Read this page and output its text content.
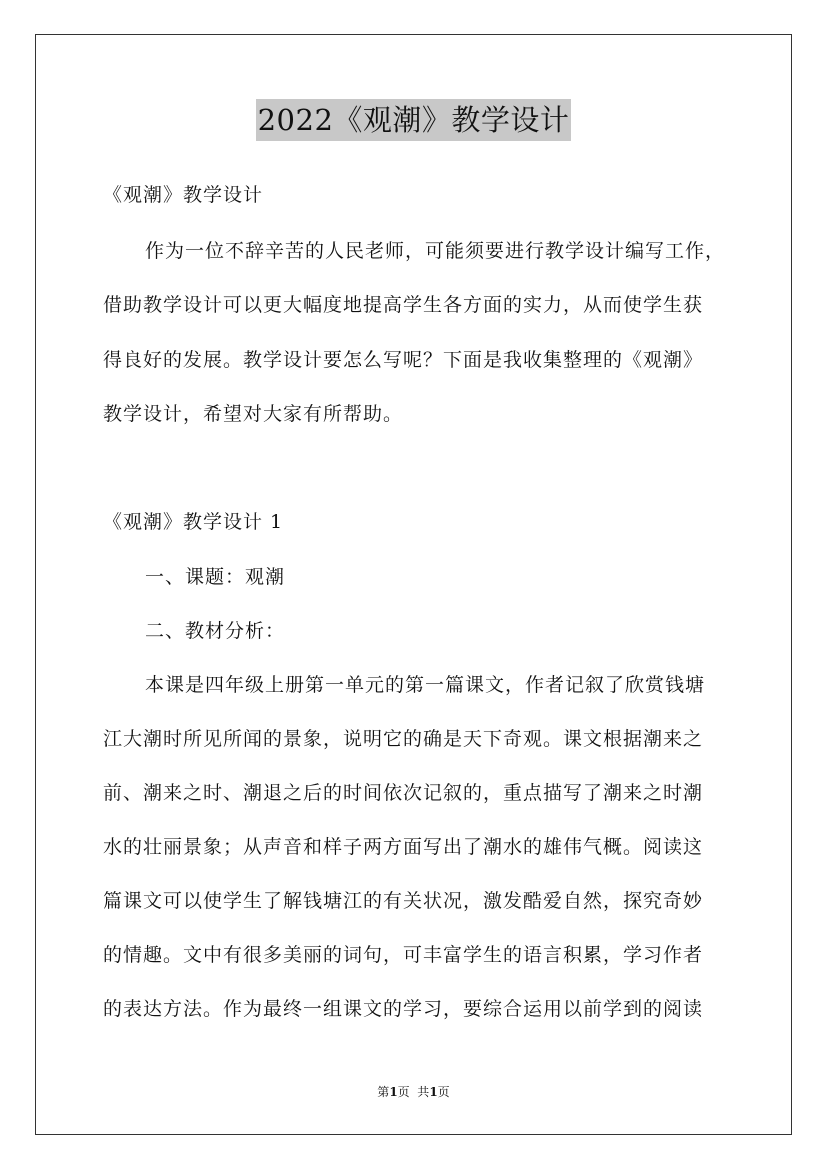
2022《观潮》教学设计
《观潮》教学设计
作为一位不辞辛苦的人民老师，可能须要进行教学设计编写工作，
借助教学设计可以更大幅度地提高学生各方面的实力，从而使学生获
得良好的发展。教学设计要怎么写呢？下面是我收集整理的《观潮》
教学设计，希望对大家有所帮助。
《观潮》教学设计 1
一、课题：观潮
二、教材分析：
本课是四年级上册第一单元的第一篇课文，作者记叙了欣赏钱塘
江大潮时所见所闻的景象，说明它的确是天下奇观。课文根据潮来之
前、潮来之时、潮退之后的时间依次记叙的，重点描写了潮来之时潮
水的壮丽景象；从声音和样子两方面写出了潮水的雄伟气概。阅读这
篇课文可以使学生了解钱塘江的有关状况，激发酷爱自然，探究奇妙
的情趣。文中有很多美丽的词句，可丰富学生的语言积累，学习作者
的表达方法。作为最终一组课文的学习，要综合运用以前学到的阅读
第1页  共1页
